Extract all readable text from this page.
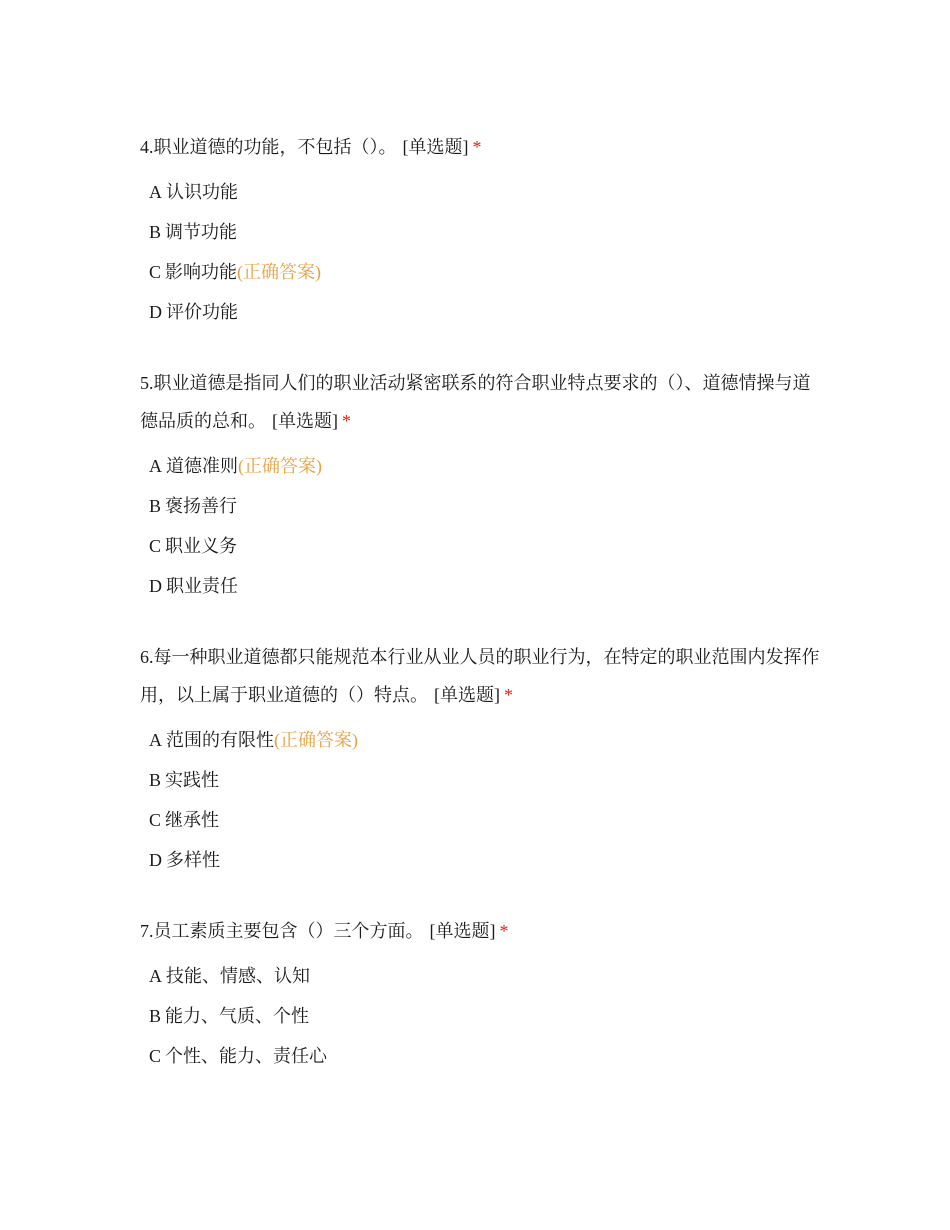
4.职业道德的功能，不包括（）。 [单选题] *

A 认识功能
B 调节功能
C 影响功能(正确答案)
D 评价功能

5.职业道德是指同人们的职业活动紧密联系的符合职业特点要求的（）、道德情操与道德品质的总和。 [单选题] *

A 道德准则(正确答案)
B 褒扬善行
C 职业义务
D 职业责任

6.每一种职业道德都只能规范本行业从业人员的职业行为，在特定的职业范围内发挥作用，以上属于职业道德的（）特点。 [单选题] *

A 范围的有限性(正确答案)
B 实践性
C 继承性
D 多样性

7.员工素质主要包含（）三个方面。 [单选题] *

A 技能、情感、认知
B 能力、气质、个性
C 个性、能力、责任心
